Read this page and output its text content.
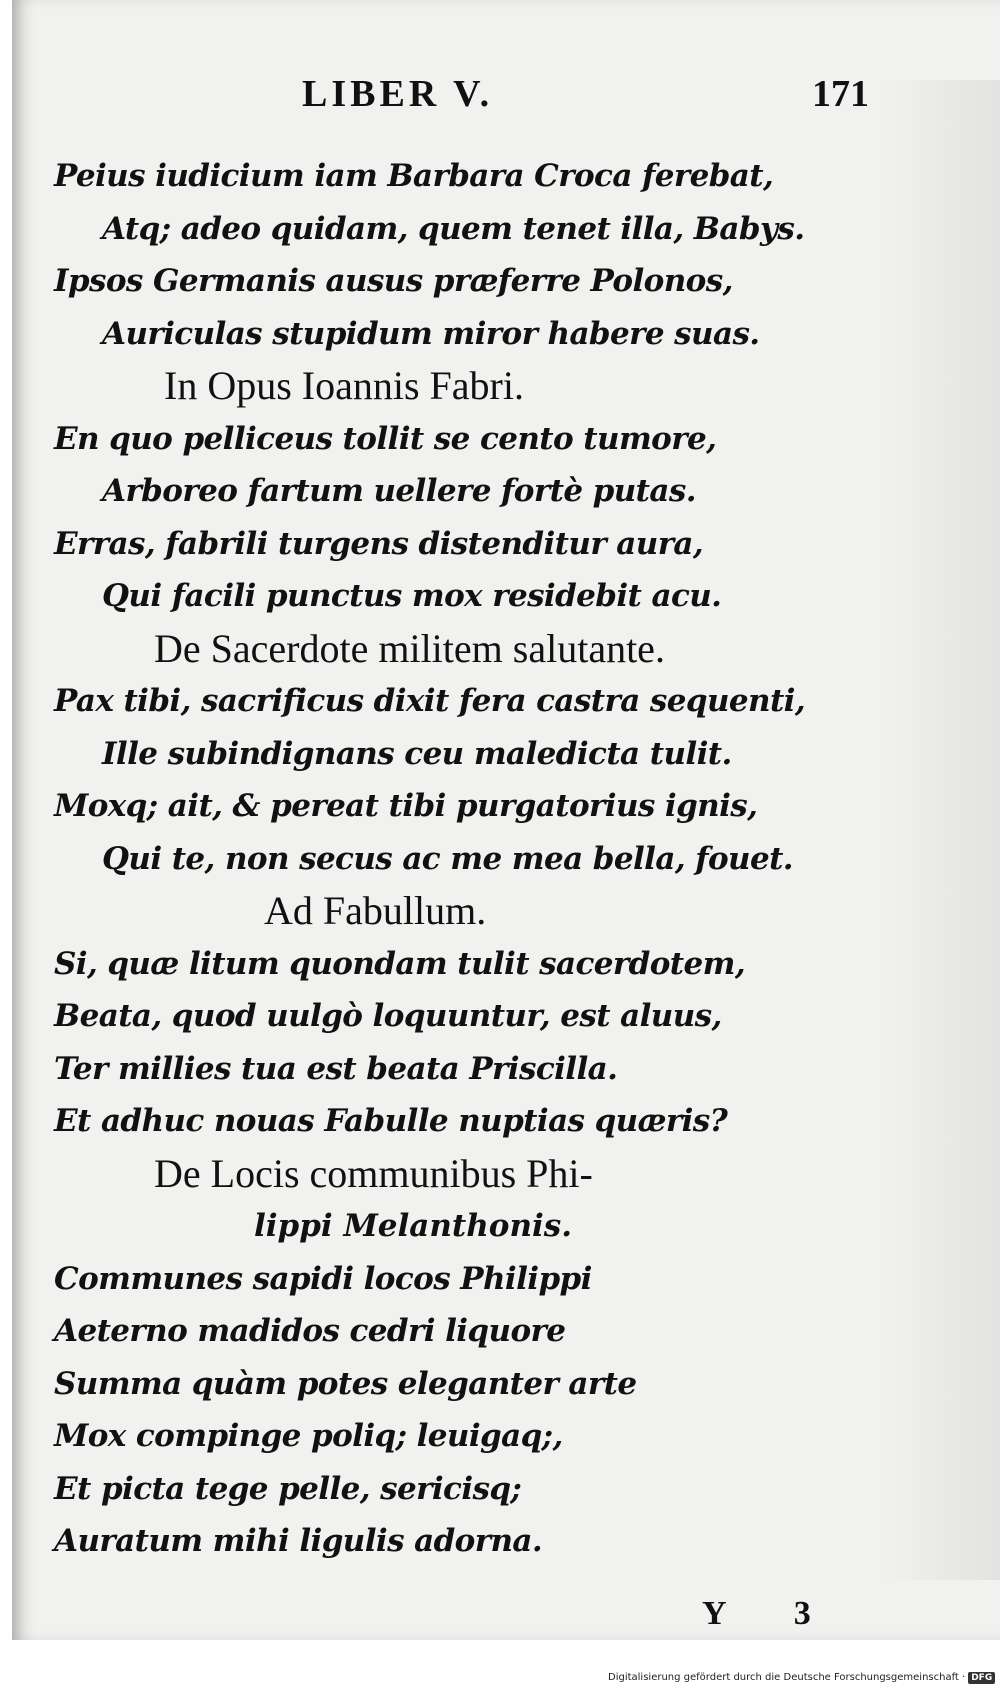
LIBER V.	171
Peius iudicium iam Barbara Croca ferebat,
Atq; adeo quidam, quem tenet illa, Babys.
Ipsos Germanis ausus præferre Polonos,
Auriculas stupidum miror habere suas.
In Opus Ioannis Fabri.
En quo pelliceus tollit se cento tumore,
Arboreo fartum uellere fortè putas.
Erras, fabrili turgens distenditur aura,
Qui facili punctus mox residebit acu.
De Sacerdote militem salutante.
Pax tibi, sacrificus dixit fera castra sequenti,
Ille subindignans ceu maledicta tulit.
Moxq; ait, & pereat tibi purgatorius ignis,
Qui te, non secus ac me mea bella, fouet.
Ad Fabullum.
Si, quæ litum quondam tulit sacerdotem,
Beata, quod uulgò loquuntur, est aluus,
Ter millies tua est beata Priscilla.
Et adhuc nouas Fabulle nuptias quæris?
De Locis communibus Phi-
lippi Melanthonis.
Communes sapidi locos Philippi
Aeterno madidos cedri liquore
Summa quàm potes eleganter arte
Mox compinge poliq; leuigaq;,
Et picta tege pelle, sericisq;
Auratum mihi ligulis adorna.
Y 3
Digitalisierung gefördert durch die Deutsche Forschungsgemeinschaft · DFG
